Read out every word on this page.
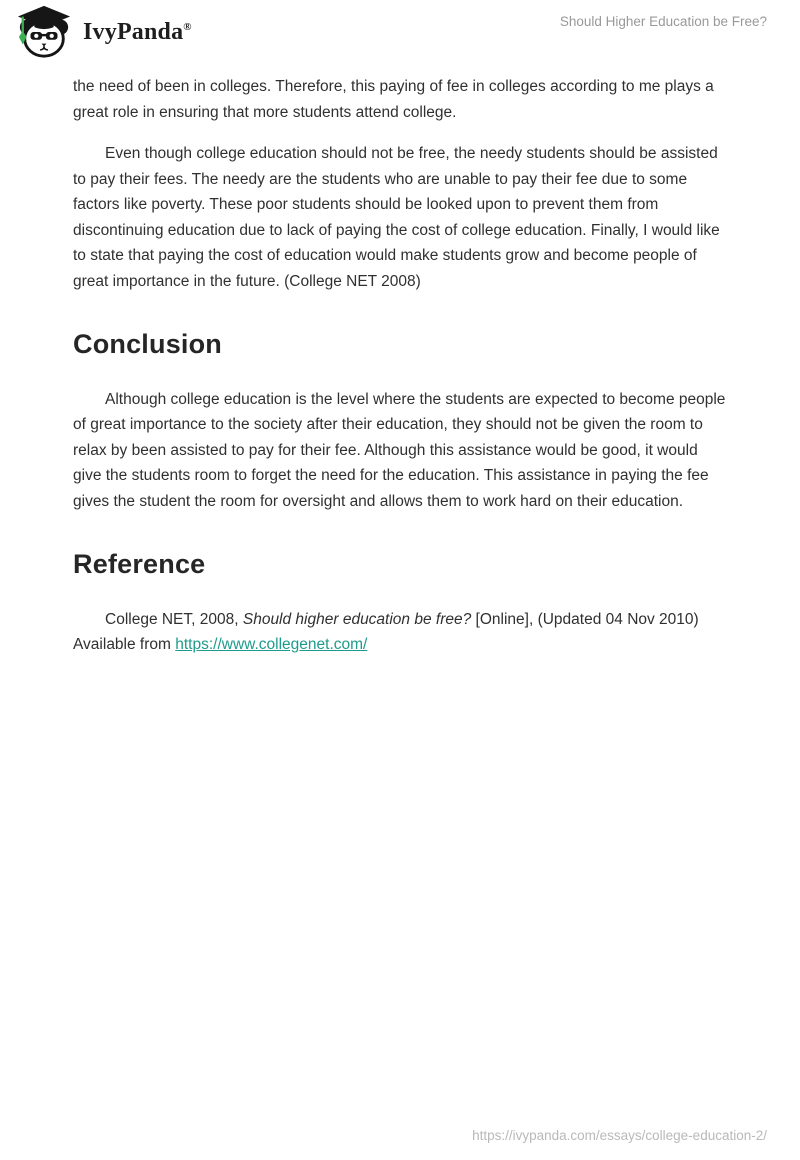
IvyPanda®	Should Higher Education be Free?

the need of been in colleges. Therefore, this paying of fee in colleges according to me plays a great role in ensuring that more students attend college.

Even though college education should not be free, the needy students should be assisted to pay their fees. The needy are the students who are unable to pay their fee due to some factors like poverty. These poor students should be looked upon to prevent them from discontinuing education due to lack of paying the cost of college education. Finally, I would like to state that paying the cost of education would make students grow and become people of great importance in the future. (College NET 2008)

Conclusion

Although college education is the level where the students are expected to become people of great importance to the society after their education, they should not be given the room to relax by been assisted to pay for their fee. Although this assistance would be good, it would give the students room to forget the need for the education. This assistance in paying the fee gives the student the room for oversight and allows them to work hard on their education.

Reference

College NET, 2008, Should higher education be free? [Online], (Updated 04 Nov 2010) Available from https://www.collegenet.com/

https://ivypanda.com/essays/college-education-2/
